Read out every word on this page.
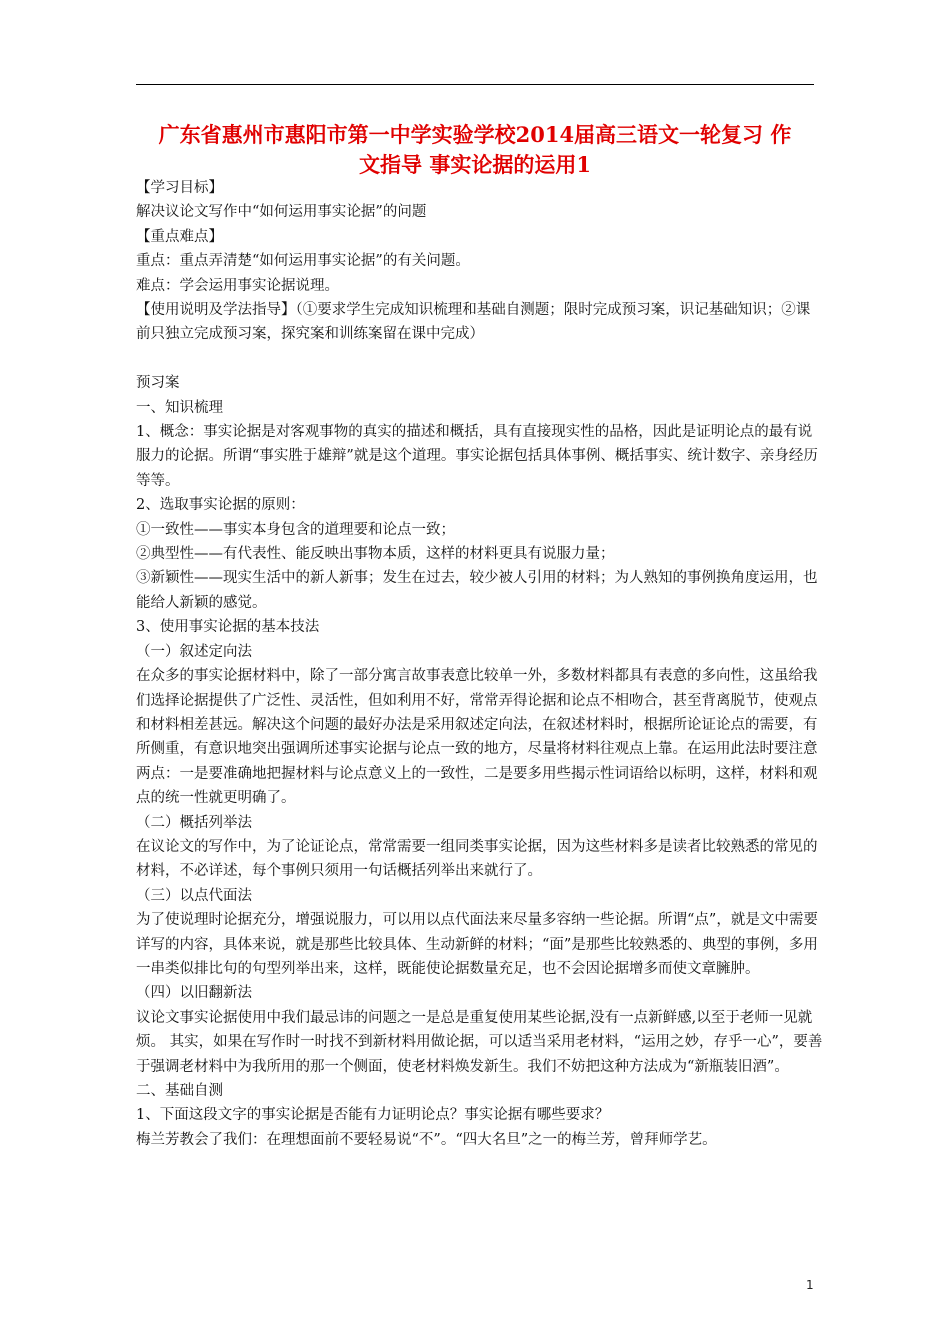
广东省惠州市惠阳市第一中学实验学校2014届高三语文一轮复习 作
文指导 事实论据的运用1

【学习目标】

解决议论文写作中“如何运用事实论据”的问题

【重点难点】

重点：重点弄清楚“如何运用事实论据”的有关问题。

难点：学会运用事实论据说理。

【使用说明及学法指导】（①要求学生完成知识梳理和基础自测题；限时完成预习案，识记基础知识；②课前只独立完成预习案，探究案和训练案留在课中完成）

预习案

一、知识梳理

1、概念：事实论据是对客观事物的真实的描述和概括，具有直接现实性的品格，因此是证明论点的最有说服力的论据。所谓“事实胜于雄辩”就是这个道理。事实论据包括具体事例、概括事实、统计数字、亲身经历等等。

2、选取事实论据的原则：

①一致性——事实本身包含的道理要和论点一致；

②典型性——有代表性、能反映出事物本质，这样的材料更具有说服力量；

③新颖性——现实生活中的新人新事；发生在过去，较少被人引用的材料；为人熟知的事例换角度运用，也能给人新颖的感觉。

3、使用事实论据的基本技法

（一）叙述定向法

在众多的事实论据材料中，除了一部分寓言故事表意比较单一外，多数材料都具有表意的多向性，这虽给我们选择论据提供了广泛性、灵活性，但如利用不好，常常弄得论据和论点不相吻合，甚至背离脱节，使观点和材料相差甚远。解决这个问题的最好办法是采用叙述定向法，在叙述材料时，根据所论证论点的需要，有所侧重，有意识地突出强调所述事实论据与论点一致的地方，尽量将材料往观点上靠。在运用此法时要注意两点：一是要准确地把握材料与论点意义上的一致性，二是要多用些揭示性词语给以标明，这样，材料和观点的统一性就更明确了。

（二）概括列举法

在议论文的写作中，为了论证论点，常常需要一组同类事实论据，因为这些材料多是读者比较熟悉的常见的材料，不必详述，每个事例只须用一句话概括列举出来就行了。

（三）以点代面法

为了使说理时论据充分，增强说服力，可以用以点代面法来尽量多容纳一些论据。所谓“点”，就是文中需要详写的内容，具体来说，就是那些比较具体、生动新鲜的材料；“面”是那些比较熟悉的、典型的事例，多用一串类似排比句的句型列举出来，这样，既能使论据数量充足，也不会因论据增多而使文章臃肿。

（四）以旧翻新法

议论文事实论据使用中我们最忌讳的问题之一是总是重复使用某些论据,没有一点新鲜感,以至于老师一见就烦。 其实，如果在写作时一时找不到新材料用做论据，可以适当采用老材料，“运用之妙，存乎一心”，要善于强调老材料中为我所用的那一个侧面，使老材料焕发新生。我们不妨把这种方法成为“新瓶装旧酒”。

二、基础自测

1、下面这段文字的事实论据是否能有力证明论点？事实论据有哪些要求？

梅兰芳教会了我们：在理想面前不要轻易说“不”。“四大名旦”之一的梅兰芳，曾拜师学艺。

1
